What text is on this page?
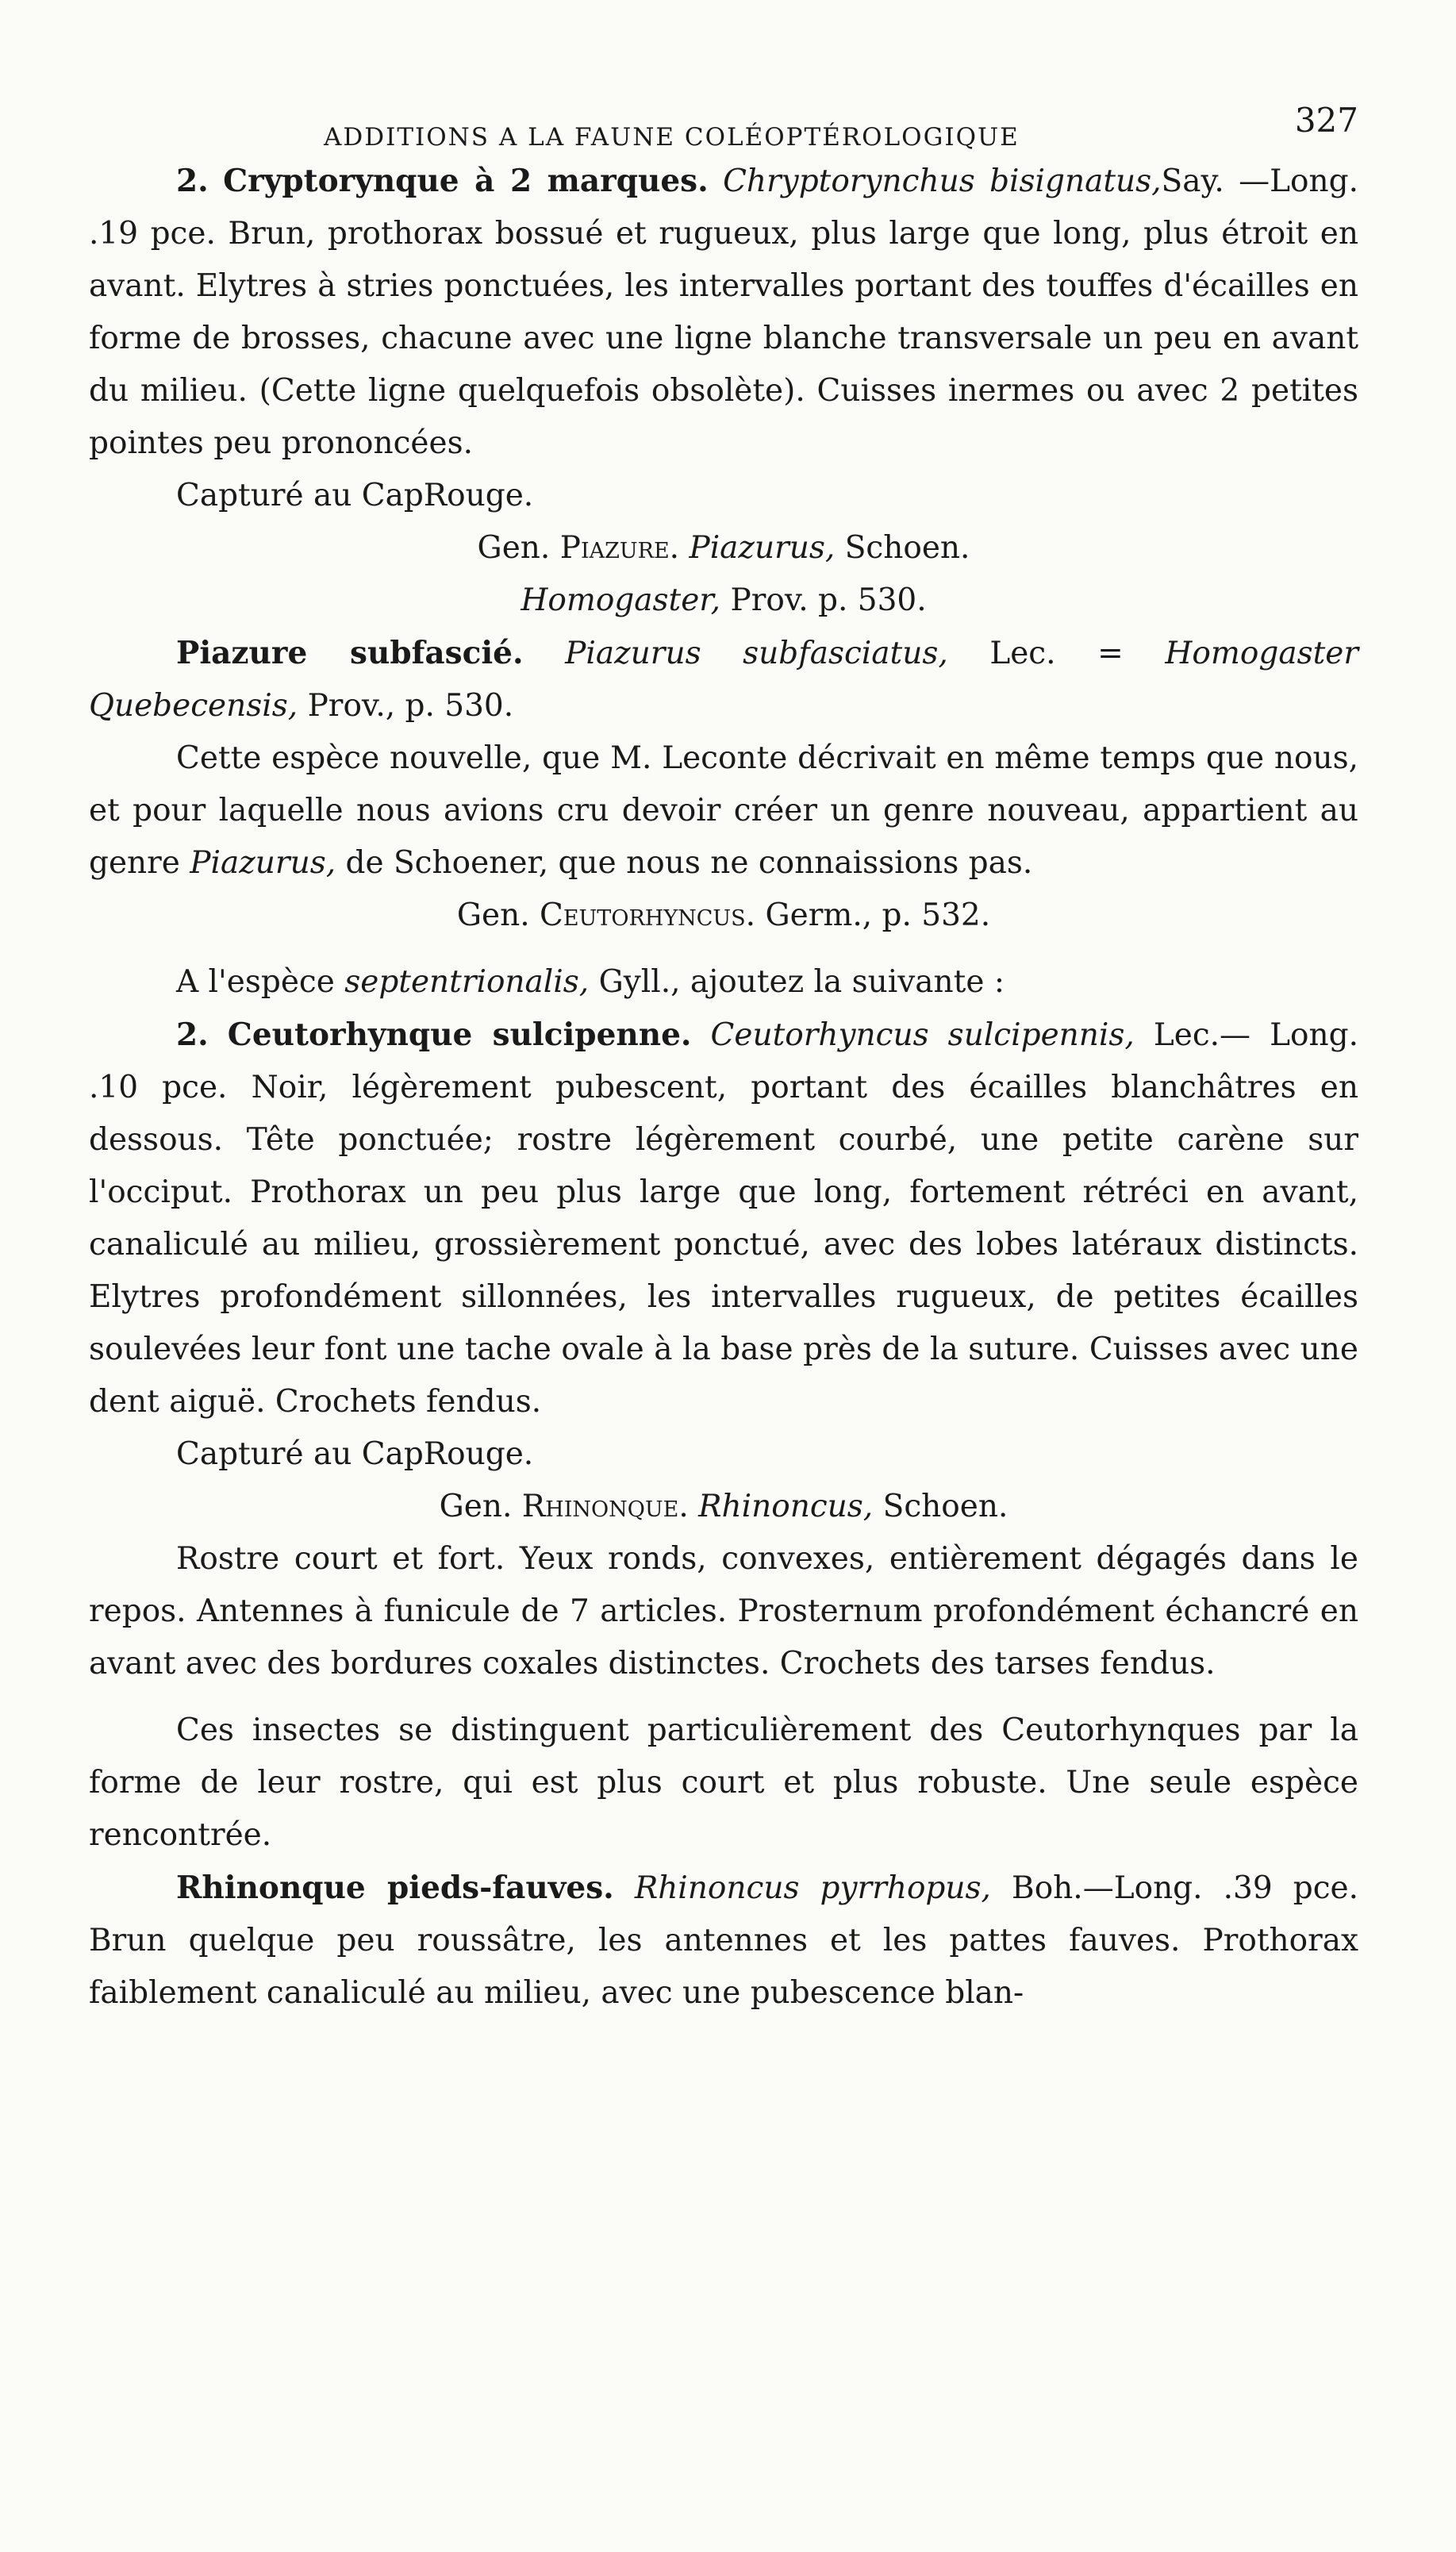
ADDITIONS A LA FAUNE COLÉOPTÉROLOGIQUE	327

2. Cryptorynque à 2 marques. Chryptorynchus bisignatus,Say. —Long. .19 pce. Brun, prothorax bossué et rugueux, plus large que long, plus étroit en avant. Elytres à stries ponctuées, les intervalles portant des touffes d'écailles en forme de brosses, chacune avec une ligne blanche transversale un peu en avant du milieu. (Cette ligne quelquefois obsolète). Cuisses inermes ou avec 2 petites pointes peu prononcées.

Capturé au CapRouge.

Gen. Piazure. Piazurus, Schoen.

Homogaster, Prov. p. 530.

Piazure subfascié. Piazurus subfasciatus, Lec. = Homogaster Quebecensis, Prov., p. 530.

Cette espèce nouvelle, que M. Leconte décrivait en même temps que nous, et pour laquelle nous avions cru devoir créer un genre nouveau, appartient au genre Piazurus, de Schoener, que nous ne connaissions pas.

Gen. Ceutorhyncus. Germ., p. 532.

A l'espèce septentrionalis, Gyll., ajoutez la suivante :

2. Ceutorhynque sulcipenne. Ceutorhyncus sulcipennis, Lec.— Long. .10 pce. Noir, légèrement pubescent, portant des écailles blanchâtres en dessous. Tête ponctuée; rostre légèrement courbé, une petite carène sur l'occiput. Prothorax un peu plus large que long, fortement rétréci en avant, canaliculé au milieu, grossièrement ponctué, avec des lobes latéraux distincts. Elytres profondément sillonnées, les intervalles rugueux, de petites écailles soulevées leur font une tache ovale à la base près de la suture. Cuisses avec une dent aiguë. Crochets fendus.

Capturé au CapRouge.

Gen. Rhinonque. Rhinoncus, Schoen.

Rostre court et fort. Yeux ronds, convexes, entièrement dégagés dans le repos. Antennes à funicule de 7 articles. Prosternum profondément échancré en avant avec des bordures coxales distinctes. Crochets des tarses fendus.

Ces insectes se distinguent particulièrement des Ceutorhynques par la forme de leur rostre, qui est plus court et plus robuste. Une seule espèce rencontrée.

Rhinonque pieds-fauves. Rhinoncus pyrrhopus, Boh.—Long. .39 pce. Brun quelque peu roussâtre, les antennes et les pattes fauves. Prothorax faiblement canaliculé au milieu, avec une pubescence blan-
